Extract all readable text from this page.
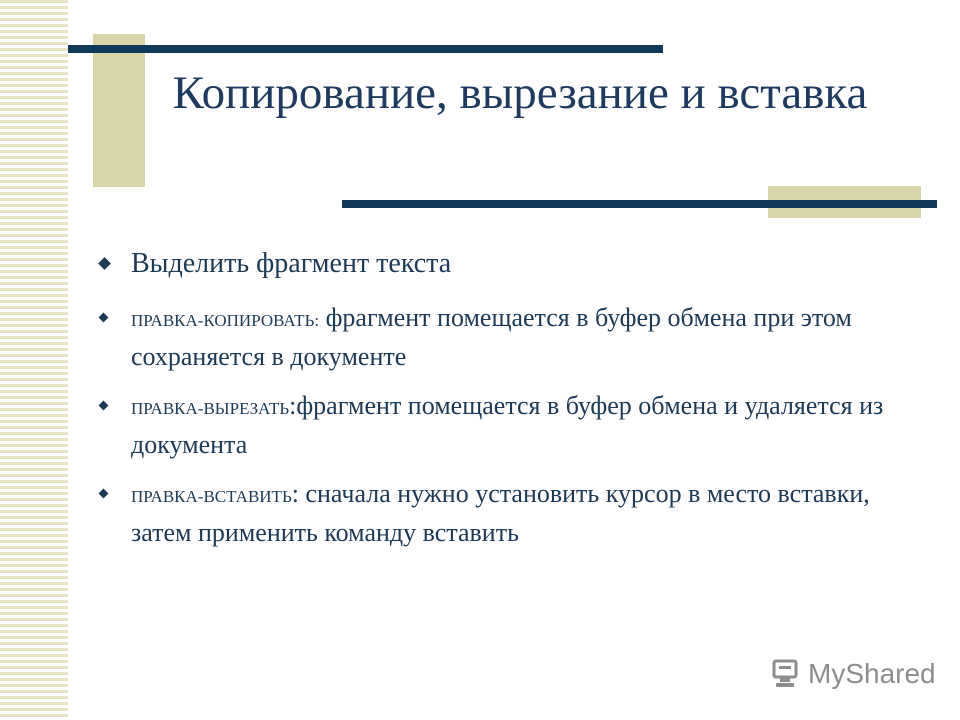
Копирование, вырезание и вставка
Выделить фрагмент текста
ПРАВКА-КОПИРОВАТЬ: фрагмент помещается в буфер обмена при этом сохраняется в документе
ПРАВКА-ВЫРЕЗАТЬ:фрагмент помещается в буфер обмена и удаляется из документа
ПРАВКА-ВСТАВИТЬ: сначала нужно установить курсор в место вставки, затем применить команду вставить
MyShared
